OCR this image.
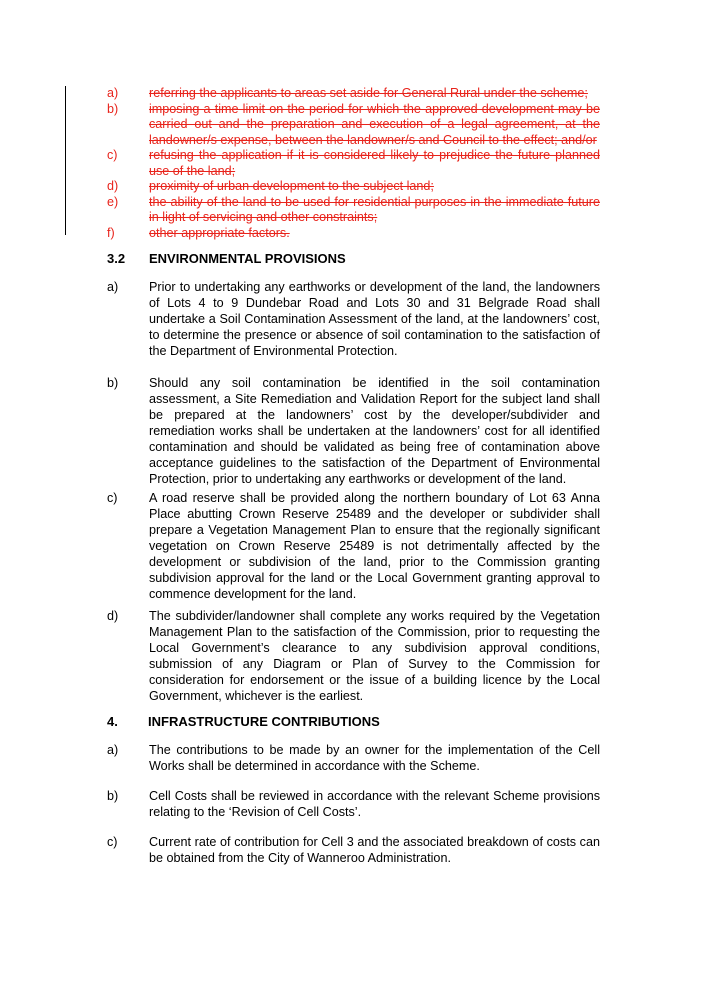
a) referring the applicants to areas set aside for General Rural under the scheme;
b) imposing a time limit on the period for which the approved development may be carried out and the preparation and execution of a legal agreement, at the landowner/s expense, between the landowner/s and Council to the effect; and/or
c)	refusing the application if it is considered likely to prejudice the future planned use of the land;
d) proximity of urban development to the subject land;
e) the ability of the land to be used for residential purposes in the immediate future in light of servicing and other constraints;
f)	other appropriate factors.
3.2 ENVIRONMENTAL PROVISIONS
a) Prior to undertaking any earthworks or development of the land, the landowners of Lots 4 to 9 Dundebar Road and Lots 30 and 31 Belgrade Road shall undertake a Soil Contamination Assessment of the land, at the landowners’ cost, to determine the presence or absence of soil contamination to the satisfaction of the Department of Environmental Protection.
b) Should any soil contamination be identified in the soil contamination assessment, a Site Remediation and Validation Report for the subject land shall be prepared at the landowners’ cost by the developer/subdivider and remediation works shall be undertaken at the landowners’ cost for all identified contamination and should be validated as being free of contamination above acceptance guidelines to the satisfaction of the Department of Environmental Protection, prior to undertaking any earthworks or development of the land.
c)	A road reserve shall be provided along the northern boundary of Lot 63 Anna Place abutting Crown Reserve 25489 and the developer or subdivider shall prepare a Vegetation Management Plan to ensure that the regionally significant vegetation on Crown Reserve 25489 is not detrimentally affected by the development or subdivision of the land, prior to the Commission granting subdivision approval for the land or the Local Government granting approval to commence development for the land.
d) The subdivider/landowner shall complete any works required by the Vegetation Management Plan to the satisfaction of the Commission, prior to requesting the Local Government’s clearance to any subdivision approval conditions, submission of any Diagram or Plan of Survey to the Commission for consideration for endorsement or the issue of a building licence by the Local Government, whichever is the earliest.
4. INFRASTRUCTURE CONTRIBUTIONS
a) The contributions to be made by an owner for the implementation of the Cell Works shall be determined in accordance with the Scheme.
b) Cell Costs shall be reviewed in accordance with the relevant Scheme provisions relating to the ‘Revision of Cell Costs’.
c)	Current rate of contribution for Cell 3 and the associated breakdown of costs can be obtained from the City of Wanneroo Administration.
